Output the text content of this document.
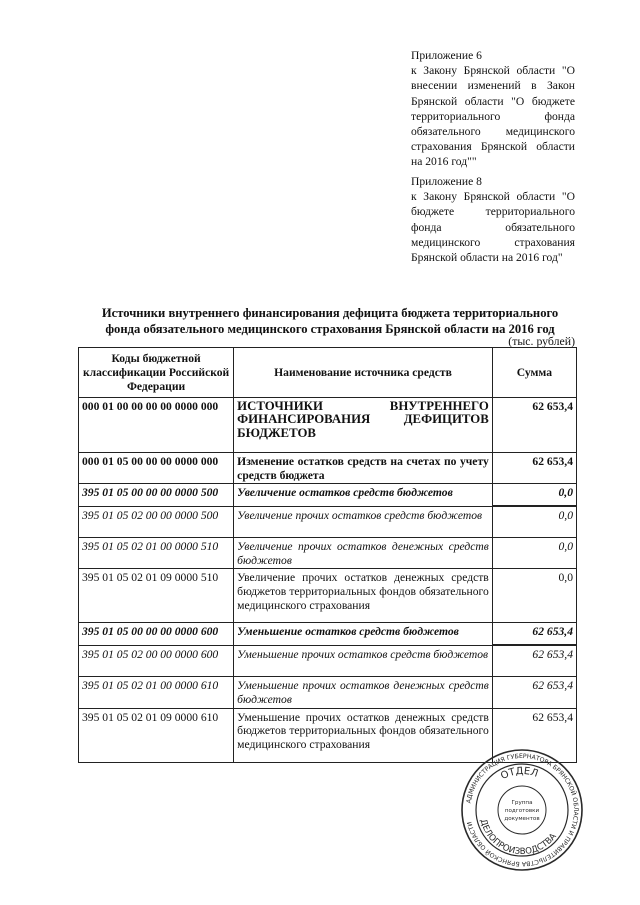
Приложение 6

к Закону Брянской области "О внесении изменений в Закон Брянской области "О бюджете территориального фонда обязательного медицинского страхования Брянской области на 2016 год""

Приложение 8

к Закону Брянской области "О бюджете территориального фонда обязательного медицинского страхования Брянской области на 2016 год"

Источники внутреннего финансирования дефицита бюджета территориального
фонда обязательного медицинского страхования Брянской области на 2016 год
(тыс. рублей)
Коды бюджетной классификации Российской Федерации	Наименование источника средств	Сумма
000 01 00 00 00 00 0000 000	ИСТОЧНИКИ ВНУТРЕННЕГО ФИНАНСИРОВАНИЯ ДЕФИЦИТОВ БЮДЖЕТОВ	62 653,4
000 01 05 00 00 00 0000 000	Изменение остатков средств на счетах по учету средств бюджета	62 653,4
395 01 05 00 00 00 0000 500	Увеличение остатков средств бюджетов	0,0
395 01 05 02 00 00 0000 500	Увеличение прочих остатков средств бюджетов	0,0
395 01 05 02 01 00 0000 510	Увеличение прочих остатков денежных средств бюджетов	0,0
395 01 05 02 01 09 0000 510	Увеличение прочих остатков денежных средств бюджетов территориальных фондов обязательного медицинского страхования	0,0
395 01 05 00 00 00 0000 600	Уменьшение остатков средств бюджетов	62 653,4
395 01 05 02 00 00 0000 600	Уменьшение прочих остатков средств бюджетов	62 653,4
395 01 05 02 01 00 0000 610	Уменьшение прочих остатков денежных средств бюджетов	62 653,4
395 01 05 02 01 09 0000 610	Уменьшение прочих остатков денежных средств бюджетов территориальных фондов обязательного медицинского страхования	62 653,4
АДМИНИСТРАЦИЯ ГУБЕРНАТОРА БРЯНСКОЙ ОБЛАСТИ И ПРАВИТЕЛЬСТВА БРЯНСКОЙ ОБЛАСТИ
ОТДЕЛ
ДЕЛОПРОИЗВОДСТВА
Группа
подготовки
документов
